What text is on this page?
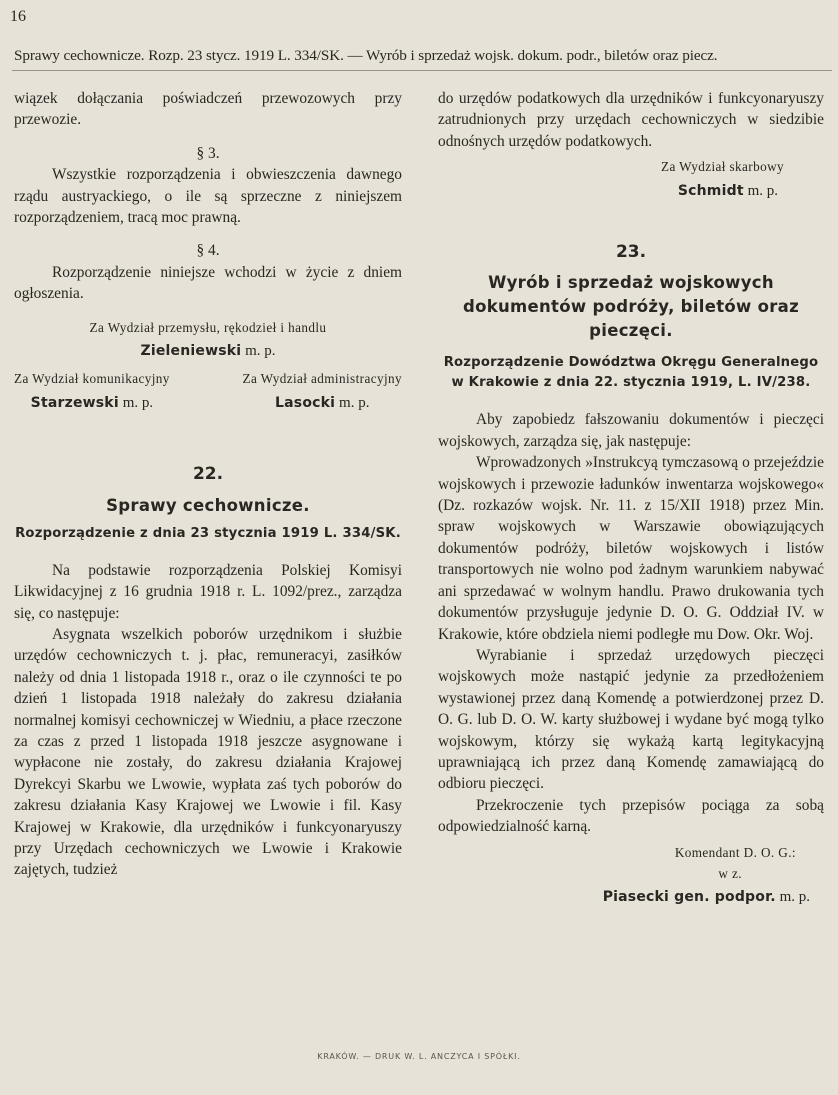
16
Sprawy cechownicze. Rozp. 23 stycz. 1919 L. 334/SK. — Wyrób i sprzedaż wojsk. dokum. podr., biletów oraz piecz.

wiązek dołączania poświadczeń przewozowych przy przewozie.

§ 3.

Wszystkie rozporządzenia i obwieszczenia dawnego rządu austryackiego, o ile są sprzeczne z niniejszem rozporządzeniem, tracą moc prawną.

§ 4.

Rozporządzenie niniejsze wchodzi w życie z dniem ogłoszenia.

Za Wydział przemysłu, rękodzieł i handlu
Zieleniewski m. p.
Za Wydział komunikacyjny
Starzewski m. p.
Za Wydział administracyjny
Lasocki m. p.
22.
Sprawy cechownicze.
Rozporządzenie z dnia 23 stycznia 1919 L. 334/SK.

Na podstawie rozporządzenia Polskiej Komisyi Likwidacyjnej z 16 grudnia 1918 r. L. 1092/prez., zarządza się, co następuje:

Asygnata wszelkich poborów urzędnikom i służbie urzędów cechowniczych t. j. płac, remuneracyi, zasiłków należy od dnia 1 listopada 1918 r., oraz o ile czynności te po dzień 1 listopada 1918 należały do zakresu działania normalnej komisyi cechowniczej w Wiedniu, a płace rzeczone za czas z przed 1 listopada 1918 jeszcze asygnowane i wypłacone nie zostały, do zakresu działania Krajowej Dyrekcyi Skarbu we Lwowie, wypłata zaś tych poborów do zakresu działania Kasy Krajowej we Lwowie i fil. Kasy Krajowej w Krakowie, dla urzędników i funkcyonaryuszy przy Urzędach cechowniczych we Lwowie i Krakowie zajętych, tudzież

do urzędów podatkowych dla urzędników i funkcyonaryuszy zatrudnionych przy urzędach cechowniczych w siedzibie odnośnych urzędów podatkowych.

Za Wydział skarbowy
Schmidt m. p.
23.
Wyrób i sprzedaż wojskowych dokumentów podróży, biletów oraz pieczęci.
Rozporządzenie Dowództwa Okręgu Generalnego w Krakowie z dnia 22. stycznia 1919, L. IV/238.

Aby zapobiedz fałszowaniu dokumentów i pieczęci wojskowych, zarządza się, jak następuje:

Wprowadzonych »Instrukcyą tymczasową o przejeździe wojskowych i przewozie ładunków inwentarza wojskowego« (Dz. rozkazów wojsk. Nr. 11. z 15/XII 1918) przez Min. spraw wojskowych w Warszawie obowiązujących dokumentów podróży, biletów wojskowych i listów transportowych nie wolno pod żadnym warunkiem nabywać ani sprzedawać w wolnym handlu. Prawo drukowania tych dokumentów przysługuje jedynie D. O. G. Oddział IV. w Krakowie, które obdziela niemi podległe mu Dow. Okr. Woj.

Wyrabianie i sprzedaż urzędowych pieczęci wojskowych może nastąpić jedynie za przedłożeniem wystawionej przez daną Komendę a potwierdzonej przez D. O. G. lub D. O. W. karty służbowej i wydane być mogą tylko wojskowym, którzy się wykażą kartą legitykacyjną uprawniającą ich przez daną Komendę zamawiającą do odbioru pieczęci.

Przekroczenie tych przepisów pociąga za sobą odpowiedzialność karną.

Komendant D. O. G.:
w z.
Piasecki gen. podpor. m. p.
KRAKÓW. — DRUK W. L. ANCZYCA I SPÓŁKI.
